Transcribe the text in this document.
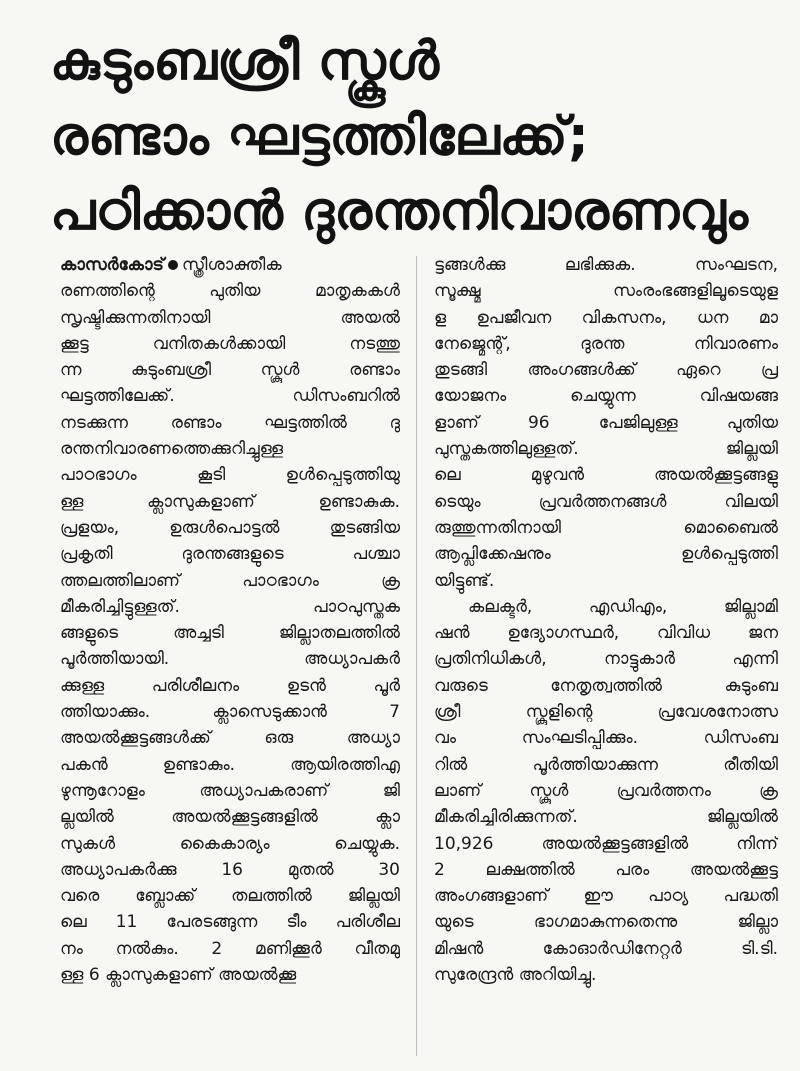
കുടുംബശ്രീ സ്കൂൾ
രണ്ടാം ഘട്ടത്തിലേക്ക്;
പഠിക്കാൻ ദുരന്തനിവാരണവും
കാസർകോട് സ്ത്രീശാക്തീക
രണത്തിന്റെ പുതിയ മാതൃകകൾ
സൃഷ്ടിക്കുന്നതിനായി അയൽ
ക്കൂട്ട വനിതകൾക്കായി നടത്തു
ന്ന കുടുംബശ്രീ സ്കൂൾ രണ്ടാം
ഘട്ടത്തിലേക്ക്. ഡിസംബറിൽ
നടക്കുന്ന രണ്ടാം ഘട്ടത്തിൽ ദു
രന്തനിവാരണത്തെക്കുറിച്ചുള്ള
പാഠഭാഗം കൂടി ഉൾപ്പെടുത്തിയു
ള്ള ക്ലാസുകളാണ് ഉണ്ടാകുക.
പ്രളയം, ഉരുൾപൊട്ടൽ തുടങ്ങിയ
പ്രകൃതി ദുരന്തങ്ങളുടെ പശ്ചാ
ത്തലത്തിലാണ് പാഠഭാഗം ക്ര
മീകരിച്ചിട്ടുള്ളത്. പാഠപുസ്തക
ങ്ങളുടെ അച്ചടി ജില്ലാതലത്തിൽ
പൂർത്തിയായി. അധ്യാപകർ
ക്കുള്ള പരിശീലനം ഉടൻ പൂർ
ത്തിയാക്കും. ക്ലാസെടുക്കാൻ 7
അയൽക്കൂട്ടങ്ങൾക്ക് ഒരു അധ്യാ
പകൻ ഉണ്ടാകും. ആയിരത്തിഎ
ഴുന്നൂറോളം അധ്യാപകരാണ് ജി
ല്ലയിൽ അയൽക്കൂട്ടങ്ങളിൽ ക്ലാ
സുകൾ കൈകാര്യം ചെയ്യുക.
അധ്യാപകർക്കു 16 മുതൽ 30
വരെ ബ്ലോക്ക് തലത്തിൽ ജില്ലയി
ലെ 11 പേരടങ്ങുന്ന ടീം പരിശീല
നം നൽകും. 2 മണിക്കൂർ വീതമു
ള്ള 6 ക്ലാസുകളാണ് അയൽക്കൂ
ട്ടങ്ങൾക്കു ലഭിക്കുക. സംഘടന,
സൂക്ഷ്മ സംരംഭങ്ങളിലൂടെയുള
ള ഉപജീവന വികസനം, ധന മാ
നേജ്മെന്റ്, ദുരന്ത നിവാരണം
തുടങ്ങി അംഗങ്ങൾക്ക് ഏറെ പ്ര
യോജനം ചെയ്യുന്ന വിഷയങ്ങ
ളാണ് 96 പേജിലുള്ള പുതിയ
പുസ്തകത്തിലുള്ളത്. ജില്ലയി
ലെ മുഴുവൻ അയൽക്കൂട്ടങ്ങളു
ടെയും പ്രവർത്തനങ്ങൾ വിലയി
രുത്തുന്നതിനായി മൊബൈൽ
ആപ്ലിക്കേഷനും ഉൾപ്പെടുത്തി
യിട്ടുണ്ട്.
കലക്ടർ, എഡിഎം, ജില്ലാമി
ഷൻ ഉദ്യോഗസ്ഥർ, വിവിധ ജന
പ്രതിനിധികൾ, നാട്ടുകാർ എന്നി
വരുടെ നേതൃത്വത്തിൽ കുടുംബ
ശ്രീ സ്കൂളിന്റെ പ്രവേശനോത്സ
വം സംഘടിപ്പിക്കും. ഡിസംബ
റിൽ പൂർത്തിയാക്കുന്ന രീതിയി
ലാണ് സ്കൂൾ പ്രവർത്തനം ക്ര
മീകരിച്ചിരിക്കുന്നത്. ജില്ലയിൽ
10,926 അയൽക്കൂട്ടങ്ങളിൽ നിന്ന്
2 ലക്ഷത്തിൽ പരം അയൽക്കൂട്ട
അംഗങ്ങളാണ് ഈ പാഠ്യ പദ്ധതി
യുടെ ഭാഗമാകുന്നതെന്നു ജില്ലാ
മിഷൻ കോഓർഡിനേറ്റർ ടി.ടി.
സുരേന്ദ്രൻ അറിയിച്ചു.
